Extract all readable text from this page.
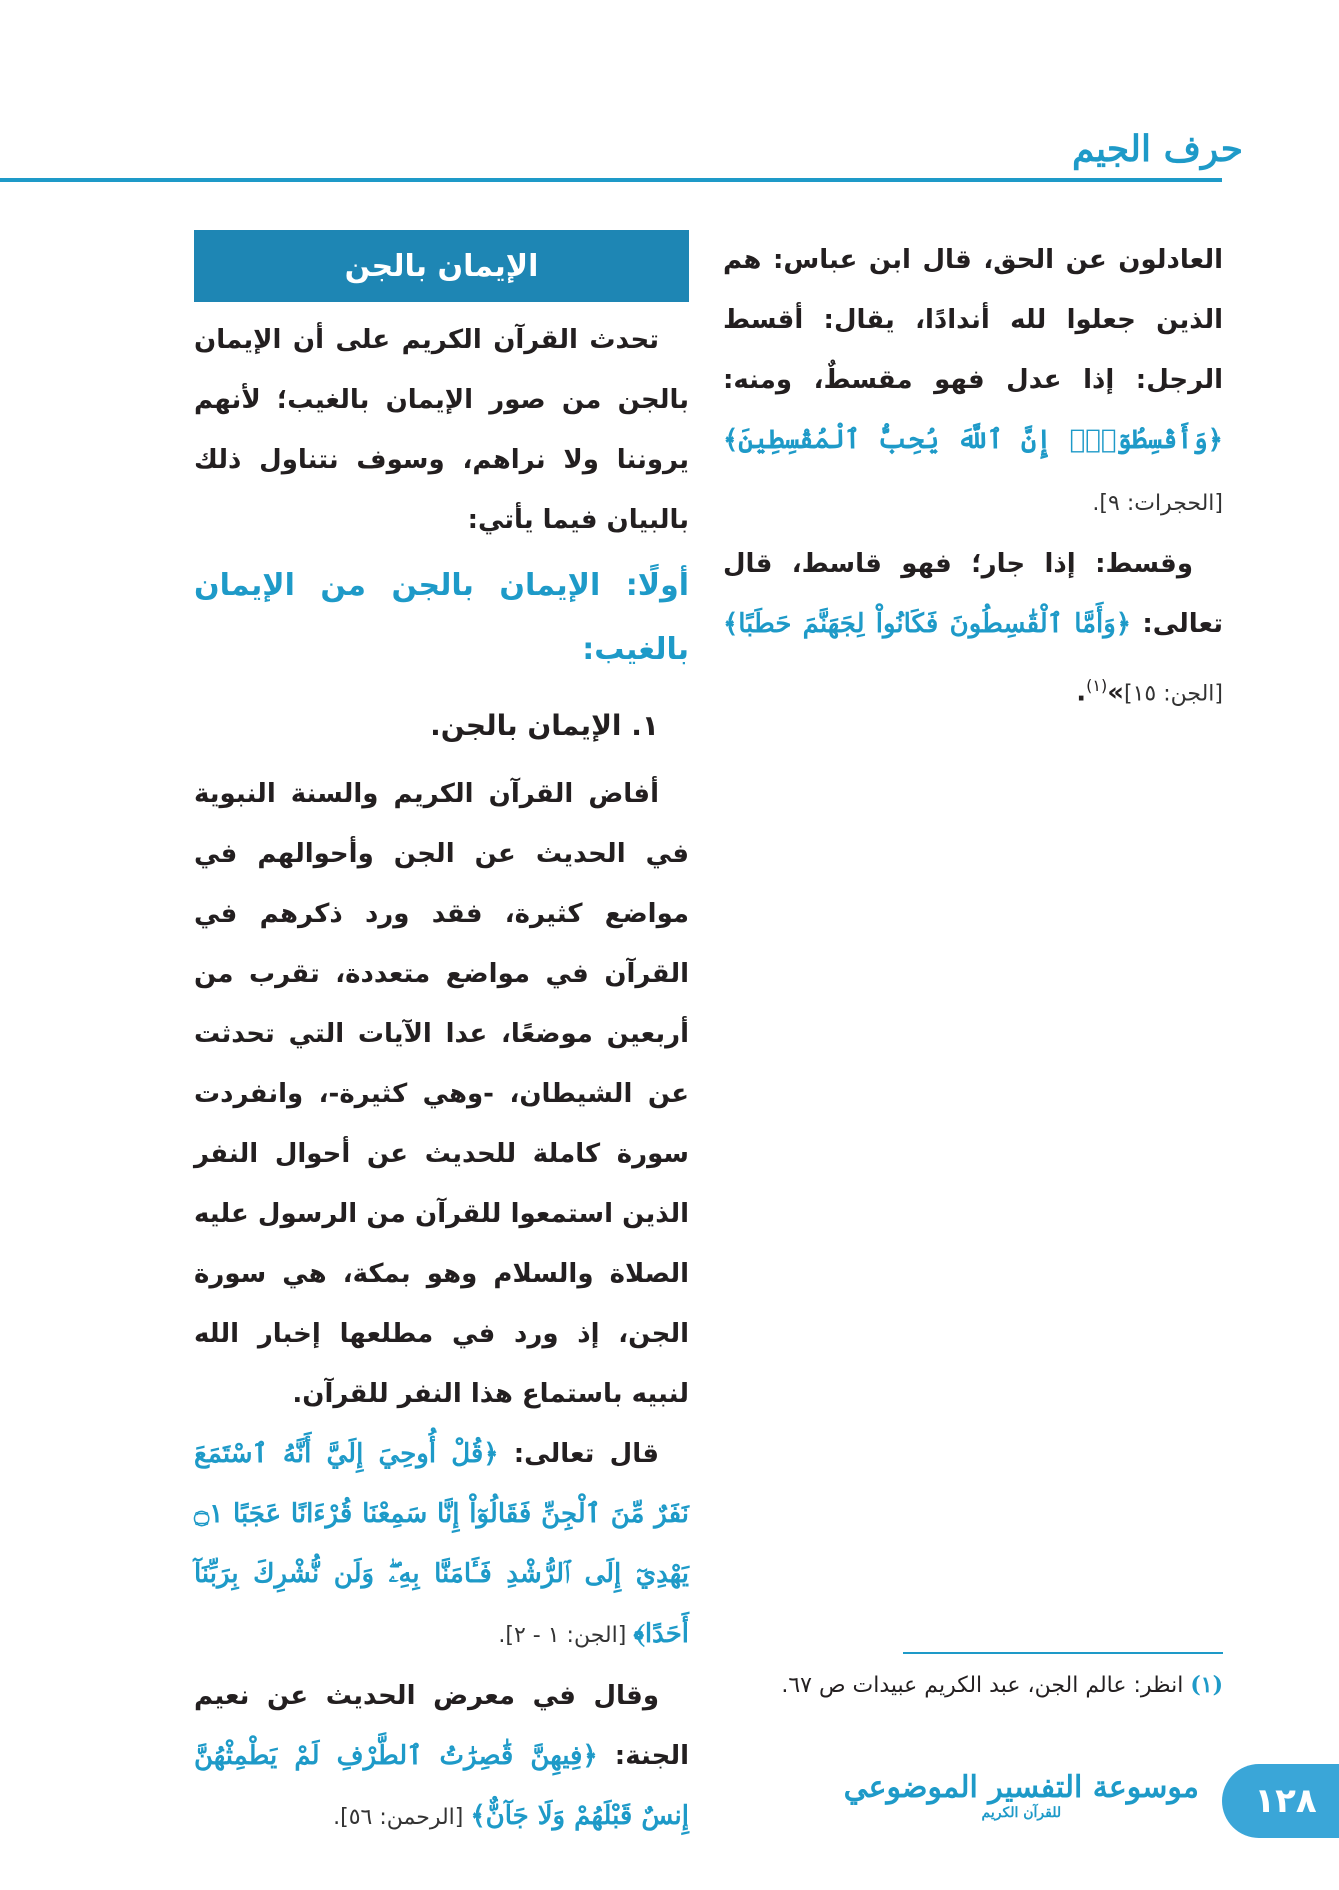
حرف الجيم

العادلون عن الحق، قال ابن عباس: هم الذين جعلوا لله أندادًا، يقال: أقسط الرجل: إذا عدل فهو مقسطٌ، ومنه: ﴿وَأَقْسِطُوٓاْۖ إِنَّ ٱللَّهَ يُحِبُّ ٱلْمُقْسِطِينَ﴾ [الحجرات: ٩].

وقسط: إذا جار؛ فهو قاسط، قال تعالى: ﴿وَأَمَّا ٱلْقَٰسِطُونَ فَكَانُواْ لِجَهَنَّمَ حَطَبًا﴾ [الجن: ١٥]»$^{(١)}$.

الإيمان بالجن

تحدث القرآن الكريم على أن الإيمان بالجن من صور الإيمان بالغيب؛ لأنهم يروننا ولا نراهم، وسوف نتناول ذلك بالبيان فيما يأتي:

أولًا: الإيمان بالجن من الإيمان بالغيب:
١. الإيمان بالجن.

أفاض القرآن الكريم والسنة النبوية في الحديث عن الجن وأحوالهم في مواضع كثيرة، فقد ورد ذكرهم في القرآن في مواضع متعددة، تقرب من أربعين موضعًا، عدا الآيات التي تحدثت عن الشيطان، -وهي كثيرة-، وانفردت سورة كاملة للحديث عن أحوال النفر الذين استمعوا للقرآن من الرسول عليه الصلاة والسلام وهو بمكة، هي سورة الجن، إذ ورد في مطلعها إخبار الله لنبيه باستماع هذا النفر للقرآن.

قال تعالى: ﴿قُلْ أُوحِيَ إِلَيَّ أَنَّهُ ٱسْتَمَعَ نَفَرٌ مِّنَ ٱلْجِنِّ فَقَالُوٓاْ إِنَّا سَمِعْنَا قُرْءَانًا عَجَبًا ۝١ يَهْدِيٓ إِلَى ٱلرُّشْدِ فَـَٔامَنَّا بِهِۦۖ وَلَن نُّشْرِكَ بِرَبِّنَآ أَحَدًا﴾ [الجن: ١ - ٢].

وقال في معرض الحديث عن نعيم الجنة: ﴿فِيهِنَّ قَٰصِرَٰتُ ٱلطَّرْفِ لَمْ يَطْمِثْهُنَّ إِنسٌ قَبْلَهُمْ وَلَا جَآنٌّ﴾ [الرحمن: ٥٦].

(١) انظر: عالم الجن، عبد الكريم عبيدات ص ٦٧.
١٢٨
موسوعة التفسير الموضوعي
للقرآن الكريم
